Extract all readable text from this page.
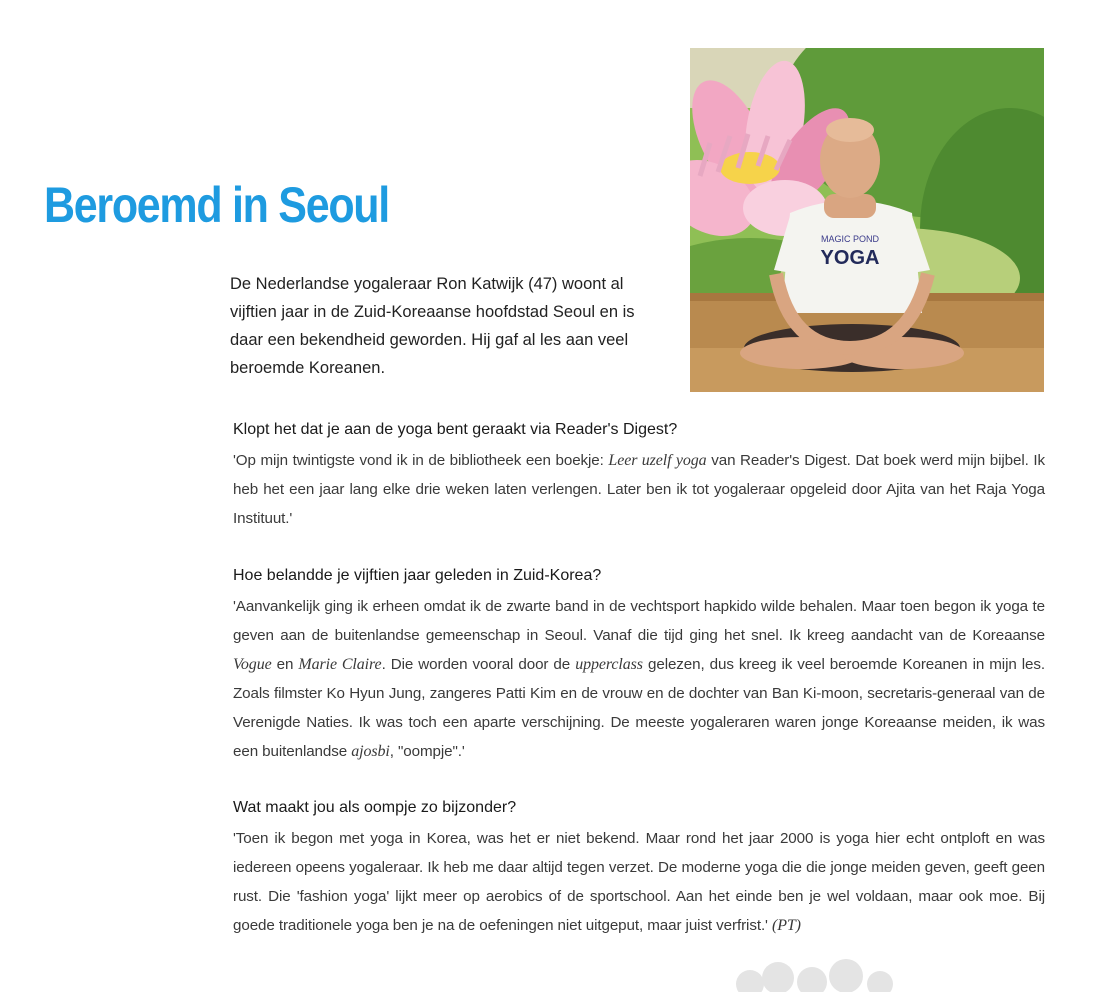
Beroemd in Seoul

De Nederlandse yogaleraar Ron Katwijk (47) woont al vijftien jaar in de Zuid-Koreaanse hoofdstad Seoul en is daar een bekendheid geworden. Hij gaf al les aan veel beroemde Koreanen.

MAGIC POND
YOGA

Klopt het dat je aan de yoga bent geraakt via Reader's Digest?

'Op mijn twintigste vond ik in de bibliotheek een boekje: Leer uzelf yoga van Reader's Digest. Dat boek werd mijn bijbel. Ik heb het een jaar lang elke drie weken laten verlengen. Later ben ik tot yogaleraar opgeleid door Ajita van het Raja Yoga Instituut.'

Hoe belandde je vijftien jaar geleden in Zuid-Korea?

'Aanvankelijk ging ik erheen omdat ik de zwarte band in de vechtsport hapkido wilde behalen. Maar toen begon ik yoga te geven aan de buitenlandse gemeenschap in Seoul. Vanaf die tijd ging het snel. Ik kreeg aandacht van de Koreaanse Vogue en Marie Claire. Die worden vooral door de upperclass gelezen, dus kreeg ik veel beroemde Koreanen in mijn les. Zoals filmster Ko Hyun Jung, zangeres Patti Kim en de vrouw en de dochter van Ban Ki-moon, secretaris-generaal van de Verenigde Naties. Ik was toch een aparte verschijning. De meeste yogaleraren waren jonge Koreaanse meiden, ik was een buitenlandse ajosbi, "oompje".'

Wat maakt jou als oompje zo bijzonder?

'Toen ik begon met yoga in Korea, was het er niet bekend. Maar rond het jaar 2000 is yoga hier echt ontploft en was iedereen opeens yogaleraar. Ik heb me daar altijd tegen verzet. De moderne yoga die die jonge meiden geven, geeft geen rust. Die 'fashion yoga' lijkt meer op aerobics of de sportschool. Aan het einde ben je wel voldaan, maar ook moe. Bij goede traditionele yoga ben je na de oefeningen niet uitgeput, maar juist verfrist.' (PT)
